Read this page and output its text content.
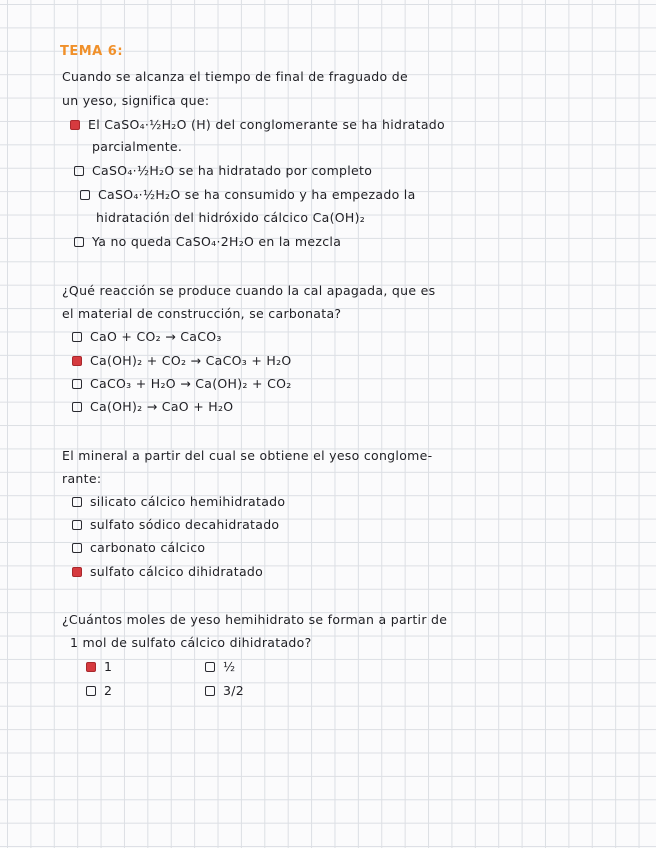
TEMA 6:
Cuando se alcanza el tiempo de final de fraguado de
un yeso, significa que:
El CaSO₄·½H₂O (H) del conglomerante se ha hidratado
parcialmente.
CaSO₄·½H₂O se ha hidratado por completo
CaSO₄·½H₂O se ha consumido y ha empezado la
hidratación del hidróxido cálcico Ca(OH)₂
Ya no queda CaSO₄·2H₂O en la mezcla
¿Qué reacción se produce cuando la cal apagada, que es
el material de construcción, se carbonata?
CaO + CO₂ → CaCO₃
Ca(OH)₂ + CO₂ → CaCO₃ + H₂O
CaCO₃ + H₂O → Ca(OH)₂ + CO₂
Ca(OH)₂ → CaO + H₂O
El mineral a partir del cual se obtiene el yeso conglome-
rante:
silicato cálcico hemihidratado
sulfato sódico decahidratado
carbonato cálcico
sulfato cálcico dihidratado
¿Cuántos moles de yeso hemihidrato se forman a partir de
1 mol de sulfato cálcico dihidratado?
1	½
2	3/2
